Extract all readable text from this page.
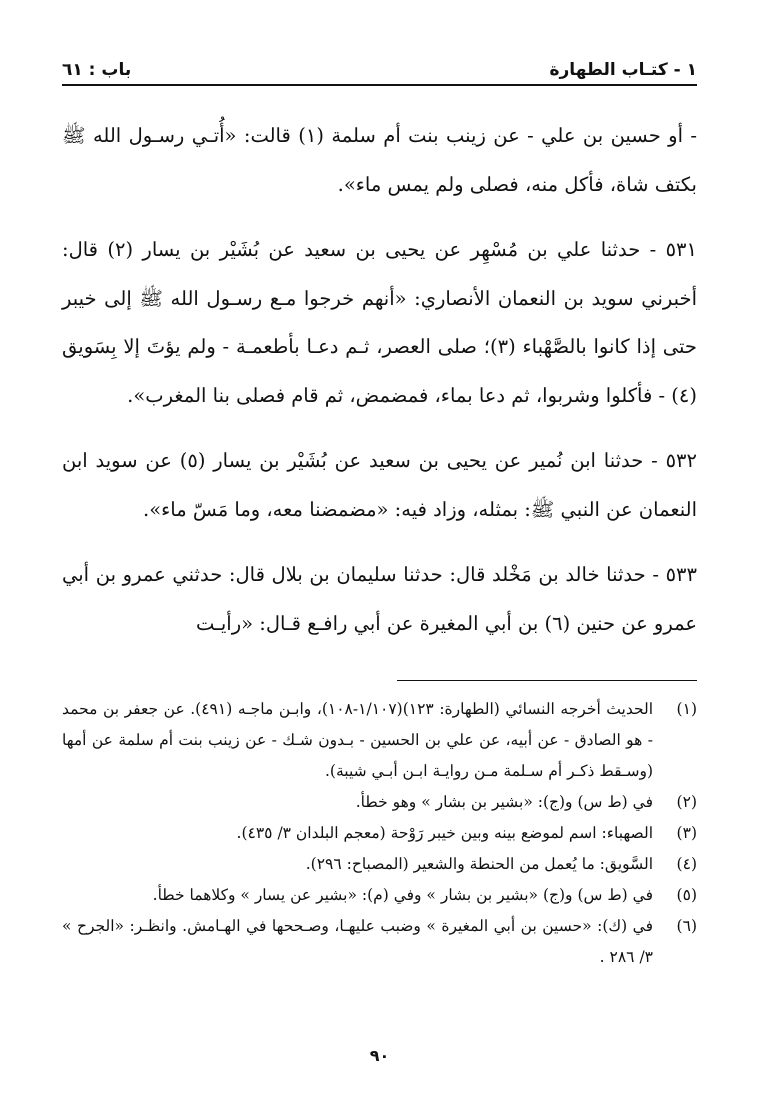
١ - كتـاب الطهارة
باب : ٦١

- أو حسين بن علي - عن زينب بنت أم سلمة (١) قالت: «أُتـي رسـول الله ﷺ بكتف شاة، فأكل منه، فصلى ولم يمس ماء».

٥٣١ - حدثنا علي بن مُسْهِر عن يحيى بن سعيد عن بُشَيْر بن يسار (٢) قال: أخبرني سويد بن النعمان الأنصاري: «أنهم خرجوا مـع رسـول الله ﷺ إلى خيبر حتى إذا كانوا بالصَّهْباء (٣)؛ صلى العصر، ثـم دعـا بأطعمـة - ولم يؤتَ إلا بِسَويق (٤) - فأكلوا وشربوا، ثم دعا بماء، فمضمض، ثم قام فصلى بنا المغرب».

٥٣٢ - حدثنا ابن نُمير عن يحيى بن سعيد عن بُشَيْر بن يسار (٥) عن سويد ابن النعمان عن النبي ﷺ: بمثله، وزاد فيه: «مضمضنا معه، وما مَسّ ماء».

٥٣٣ - حدثنا خالد بن مَخْلد قال: حدثنا سليمان بن بلال قال: حدثني عمرو بن أبي عمرو عن حنين (٦) بن أبي المغيرة عن أبي رافـع قـال: «رأيـت

(١)
الحديث أخرجه النسائي (الطهارة: ١٢٣)(١/١٠٧-١٠٨)، وابـن ماجـه (٤٩١). عن جعفر بن محمد - هو الصادق - عن أبيه، عن علي بن الحسين - بـدون شـك - عن زينب بنت أم سلمة عن أمها (وسـقط ذكـر أم سـلمة مـن روايـة ابـن أبـي شيبة).
(٢)
في (ط س) و(ج): «بشير بن بشار » وهو خطأ.
(٣)
الصهباء: اسم لموضع بينه وبين خيبر رَوْحة (معجم البلدان ٣/ ٤٣٥).
(٤)
السَّويق: ما يُعمل من الحنطة والشعير (المصباح: ٢٩٦).
(٥)
في (ط س) و(ج) «بشير بن بشار » وفي (م): «بشير عن يسار » وكلاهما خطأ.
(٦)
في (ك): «حسين بن أبي المغيرة » وضبب عليهـا، وصـححها في الهـامش. وانظـر: «الجرح » ٣/ ٢٨٦ .
٩٠
